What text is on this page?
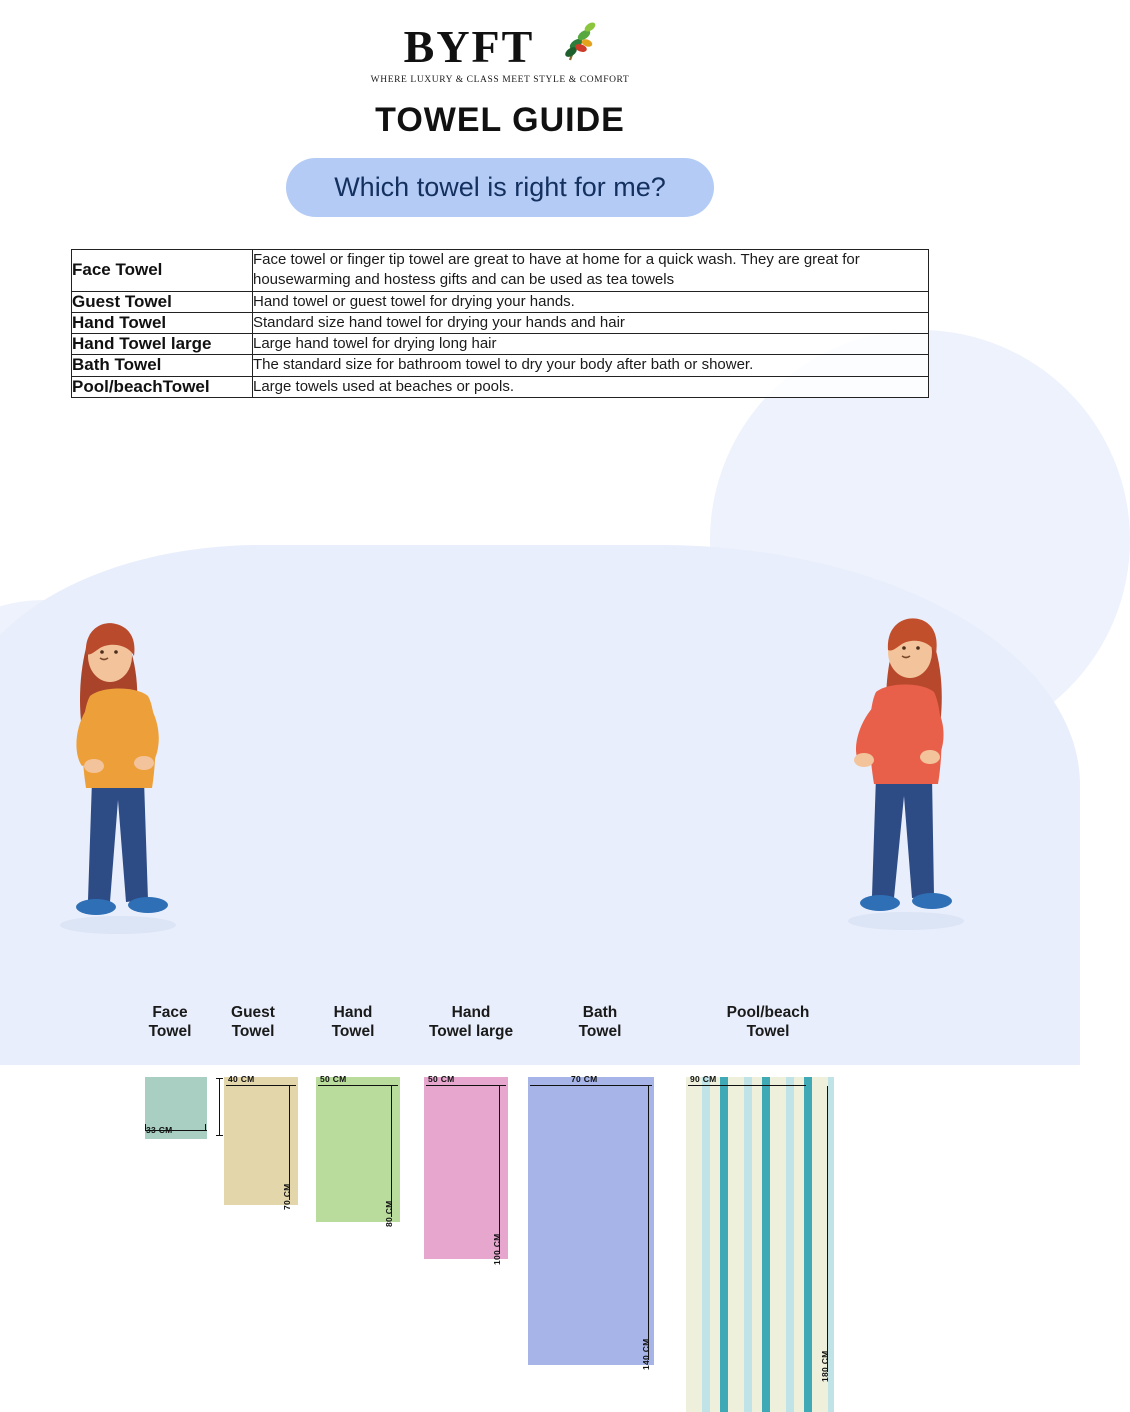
BYFT
WHERE LUXURY & CLASS MEET STYLE & COMFORT
TOWEL GUIDE
Which towel is right for me?
Face Towel	Face towel or finger tip towel are great to have at home for a quick wash. They are great for housewarming and hostess gifts and can be used as tea towels
Guest Towel	Hand towel or guest towel for drying your hands.
Hand Towel	Standard size hand towel for drying your hands and hair
Hand Towel large	Large hand towel for drying long hair
Bath Towel	The standard size for bathroom towel to dry your body after bath or shower.
Pool/beachTowel	Large towels used at beaches or pools.
Face
Towel
Guest
Towel
Hand
Towel
Hand
Towel large
Bath
Towel
Pool/beach
Towel
33 CM
40 CM
70 CM
50 CM
80 CM
50 CM
100 CM
70 CM
140 CM
90 CM
180 CM
